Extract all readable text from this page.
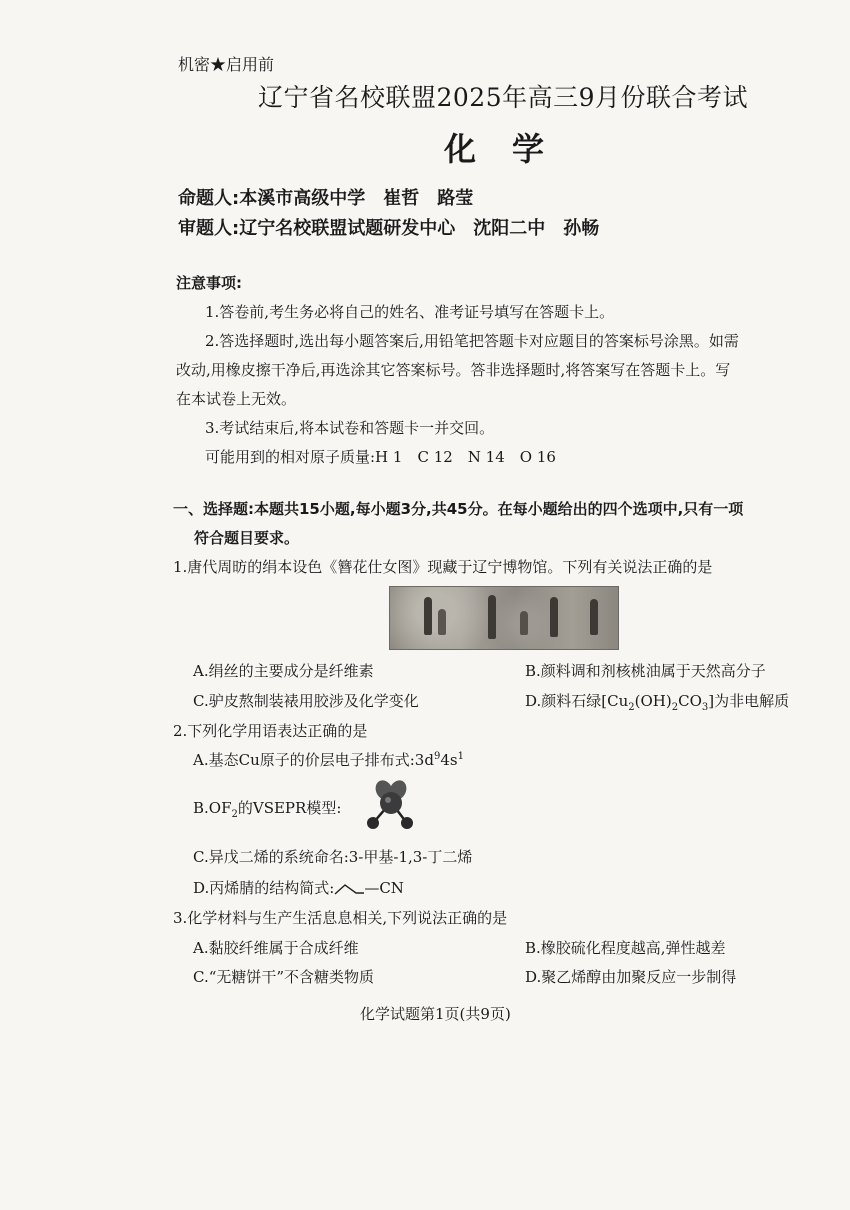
机密★启用前
辽宁省名校联盟2025年高三9月份联合考试
化学
命题人:本溪市高级中学　崔哲　路莹
审题人:辽宁名校联盟试题研发中心　沈阳二中　孙畅
注意事项:
1.答卷前,考生务必将自己的姓名、准考证号填写在答题卡上。
2.答选择题时,选出每小题答案后,用铅笔把答题卡对应题目的答案标号涂黑。如需
改动,用橡皮擦干净后,再选涂其它答案标号。答非选择题时,将答案写在答题卡上。写
在本试卷上无效。
3.考试结束后,将本试卷和答题卡一并交回。
可能用到的相对原子质量:H 1　C 12　N 14　O 16
一、选择题:本题共15小题,每小题3分,共45分。在每小题给出的四个选项中,只有一项
符合题目要求。
1.唐代周昉的绢本设色《簪花仕女图》现藏于辽宁博物馆。下列有关说法正确的是
A.绢丝的主要成分是纤维素	B.颜料调和剂核桃油属于天然高分子
C.驴皮熬制装裱用胶涉及化学变化	D.颜料石绿$[Cu_2(OH)_2CO_3]$为非电解质
2.下列化学用语表达正确的是
A.基态Cu原子的价层电子排布式$:3d^94s^1$
$B.OF_2$的VSEPR模型:
C.异戊二烯的系统命名:3-甲基-1,3-丁二烯
D.丙烯腈的结构简式: —CN
3.化学材料与生产生活息息相关,下列说法正确的是
A.黏胶纤维属于合成纤维	B.橡胶硫化程度越高,弹性越差
C.“无糖饼干”不含糖类物质	D.聚乙烯醇由加聚反应一步制得
化学试题第1页(共9页)
